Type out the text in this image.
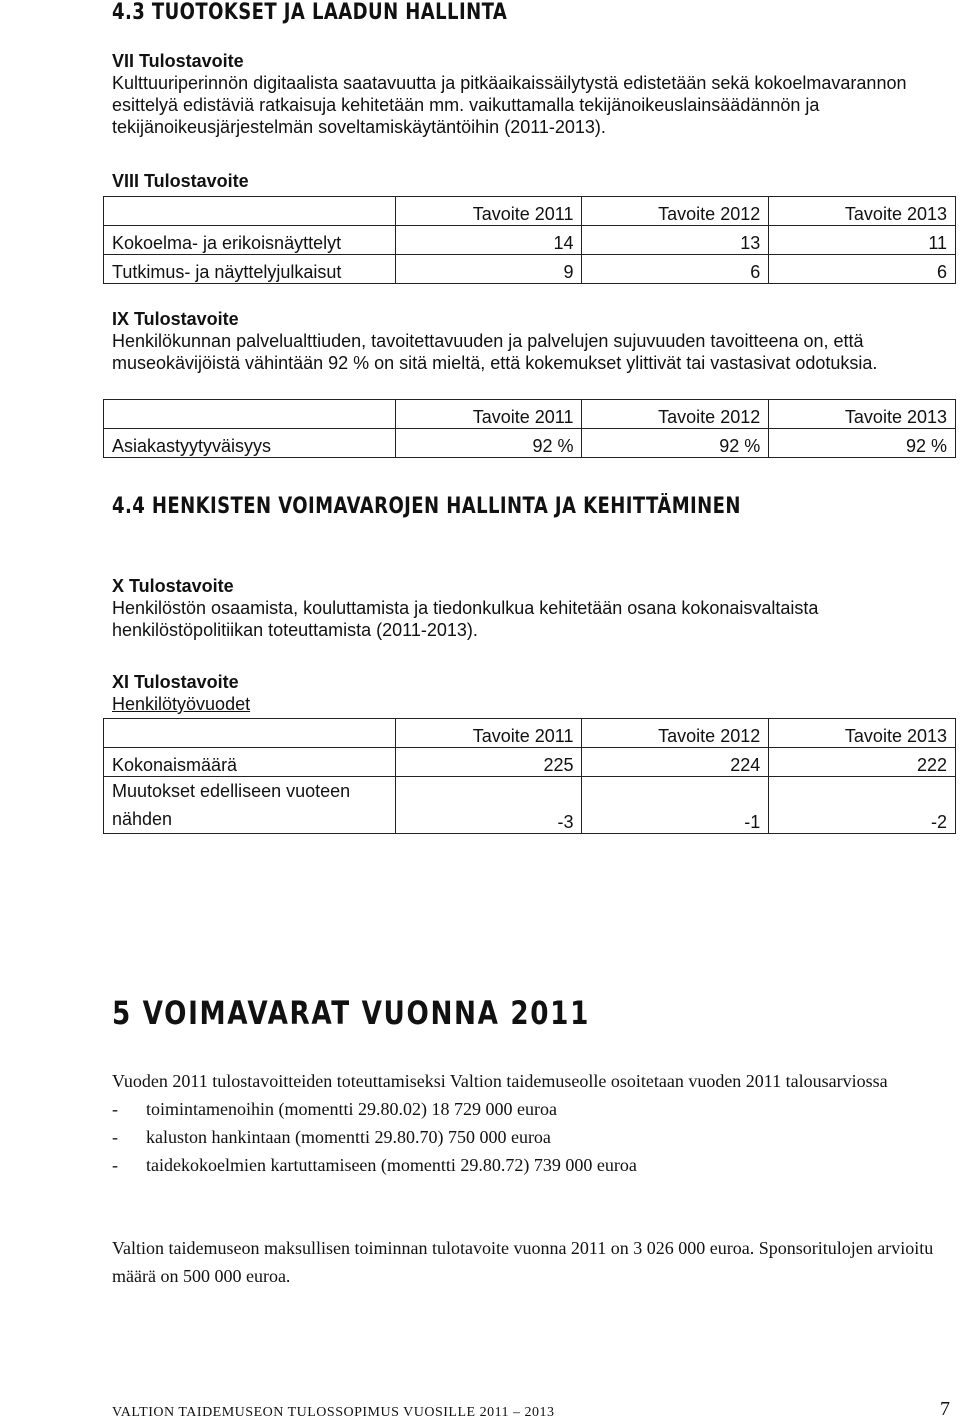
4.3 TUOTOKSET JA LAADUN HALLINTA

VII Tulostavoite

Kulttuuriperinnön digitaalista saatavuutta ja pitkäaikaissäilytystä edistetään sekä kokoelmavarannon esittelyä edistäviä ratkaisuja kehitetään mm. vaikuttamalla tekijänoikeuslainsäädännön ja tekijänoikeusjärjestelmän soveltamiskäytäntöihin (2011-2013).

VIII Tulostavoite
	Tavoite 2011	Tavoite 2012	Tavoite 2013
Kokoelma- ja erikoisnäyttelyt	14	13	11
Tutkimus- ja näyttelyjulkaisut	9	6	6

IX Tulostavoite

Henkilökunnan palvelualttiuden, tavoitettavuuden ja palvelujen sujuvuuden tavoitteena on, että museokävijöistä vähintään 92 % on sitä mieltä, että kokemukset ylittivät tai vastasivat odotuksia.

	Tavoite 2011	Tavoite 2012	Tavoite 2013
Asiakastyytyväisyys	92 %	92 %	92 %
4.4 HENKISTEN VOIMAVAROJEN HALLINTA JA KEHITTÄMINEN

X Tulostavoite

Henkilöstön osaamista, kouluttamista ja tiedonkulkua kehitetään osana kokonaisvaltaista henkilöstöpolitiikan toteuttamista (2011-2013).

XI Tulostavoite

Henkilötyövuodet

	Tavoite 2011	Tavoite 2012	Tavoite 2013
Kokonaismäärä	225	224	222
Muutokset edelliseen vuoteen nähden	-3	-1	-2
5 VOIMAVARAT VUONNA 2011

Vuoden 2011 tulostavoitteiden toteuttamiseksi Valtion taidemuseolle osoitetaan vuoden 2011 talousarviossa

-	toimintamenoihin (momentti 29.80.02) 18 729 000 euroa
-	kaluston hankintaan (momentti 29.80.70) 750 000 euroa
-	taidekokoelmien kartuttamiseen (momentti 29.80.72) 739 000 euroa
Valtion taidemuseon maksullisen toiminnan tulotavoite vuonna 2011 on 3 026 000 euroa. Sponsoritulojen arvioitu määrä on 500 000 euroa.
VALTION TAIDEMUSEON TULOSSOPIMUS VUOSILLE 2011 – 2013	7
